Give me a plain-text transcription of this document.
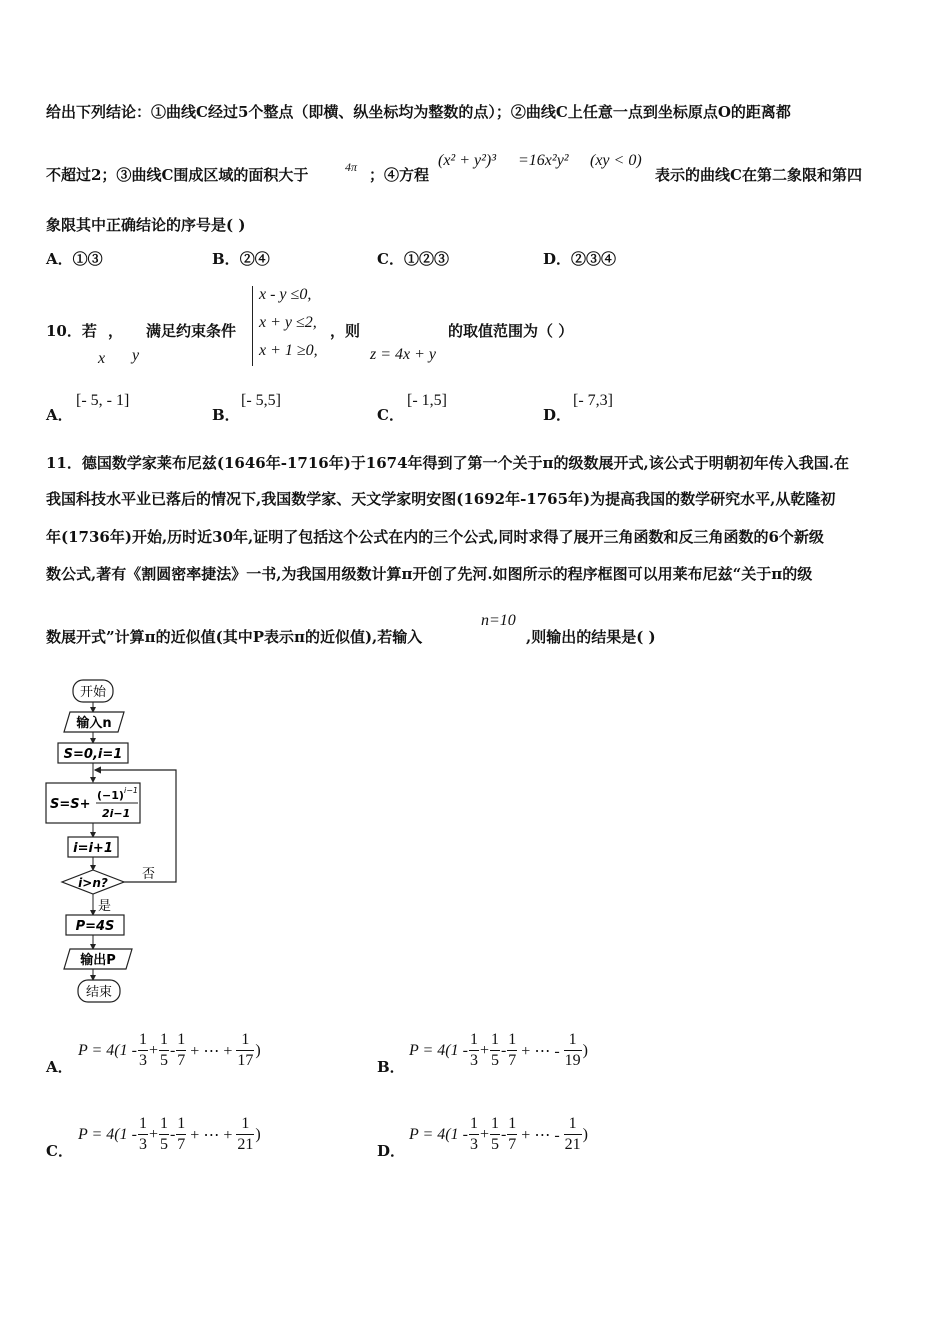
给出下列结论：①曲线C经过5个整点（即横、纵坐标均为整数的点）；②曲线C上任意一点到坐标原点O的距离都
不超过2；③曲线C围成区域的面积大于	4π ；④方程
(x² + y²)³ =16x²y² (xy < 0)
表示的曲线C在第二象限和第四
象限其中正确结论的序号是( )
A．①③	B．②④	C．①②③	D．②③④
10．若 ，
x y
满足约束条件
x - y ≤0,
x + y ≤2,
x + 1 ≥0,
，则
z = 4x + y
的取值范围为（ ）
A．
[- 5, - 1]
B．
[- 5,5]
C．
[- 1,5]
D．
[- 7,3]
11．德国数学家莱布尼兹(1646年-1716年)于1674年得到了第一个关于π的级数展开式,该公式于明朝初年传入我国.在
我国科技水平业已落后的情况下,我国数学家、天文学家明安图(1692年-1765年)为提高我国的数学研究水平,从乾隆初
年(1736年)开始,历时近30年,证明了包括这个公式在内的三个公式,同时求得了展开三角函数和反三角函数的6个新级
数公式,著有《割圆密率捷法》一书,为我国用级数计算π开创了先河.如图所示的程序框图可以用莱布尼兹“关于π的级
数展开式”计算π的近似值(其中P表示π的近似值),若输入
n=10
,则输出的结果是( )
开始
输入n
S=0,i=1
S=S+
(−1) i−1
2i−1
i=i+1
i>n?
否
是
P=4S
输出P
结束
A．
$P = 4(1 - \frac{1}{3} + \frac{1}{5} - \frac{1}{7}$ + ⋯ + $\frac{1}{17}$ )
B．
$P = 4(1 - \frac{1}{3} + \frac{1}{5} - \frac{1}{7}$ + ⋯ - $\frac{1}{19}$ )
C．
$P = 4(1 - \frac{1}{3} + \frac{1}{5} - \frac{1}{7}$ + ⋯ + $\frac{1}{21}$ )
D．
$P = 4(1 - \frac{1}{3} + \frac{1}{5} - \frac{1}{7}$ + ⋯ - $\frac{1}{21}$ )
